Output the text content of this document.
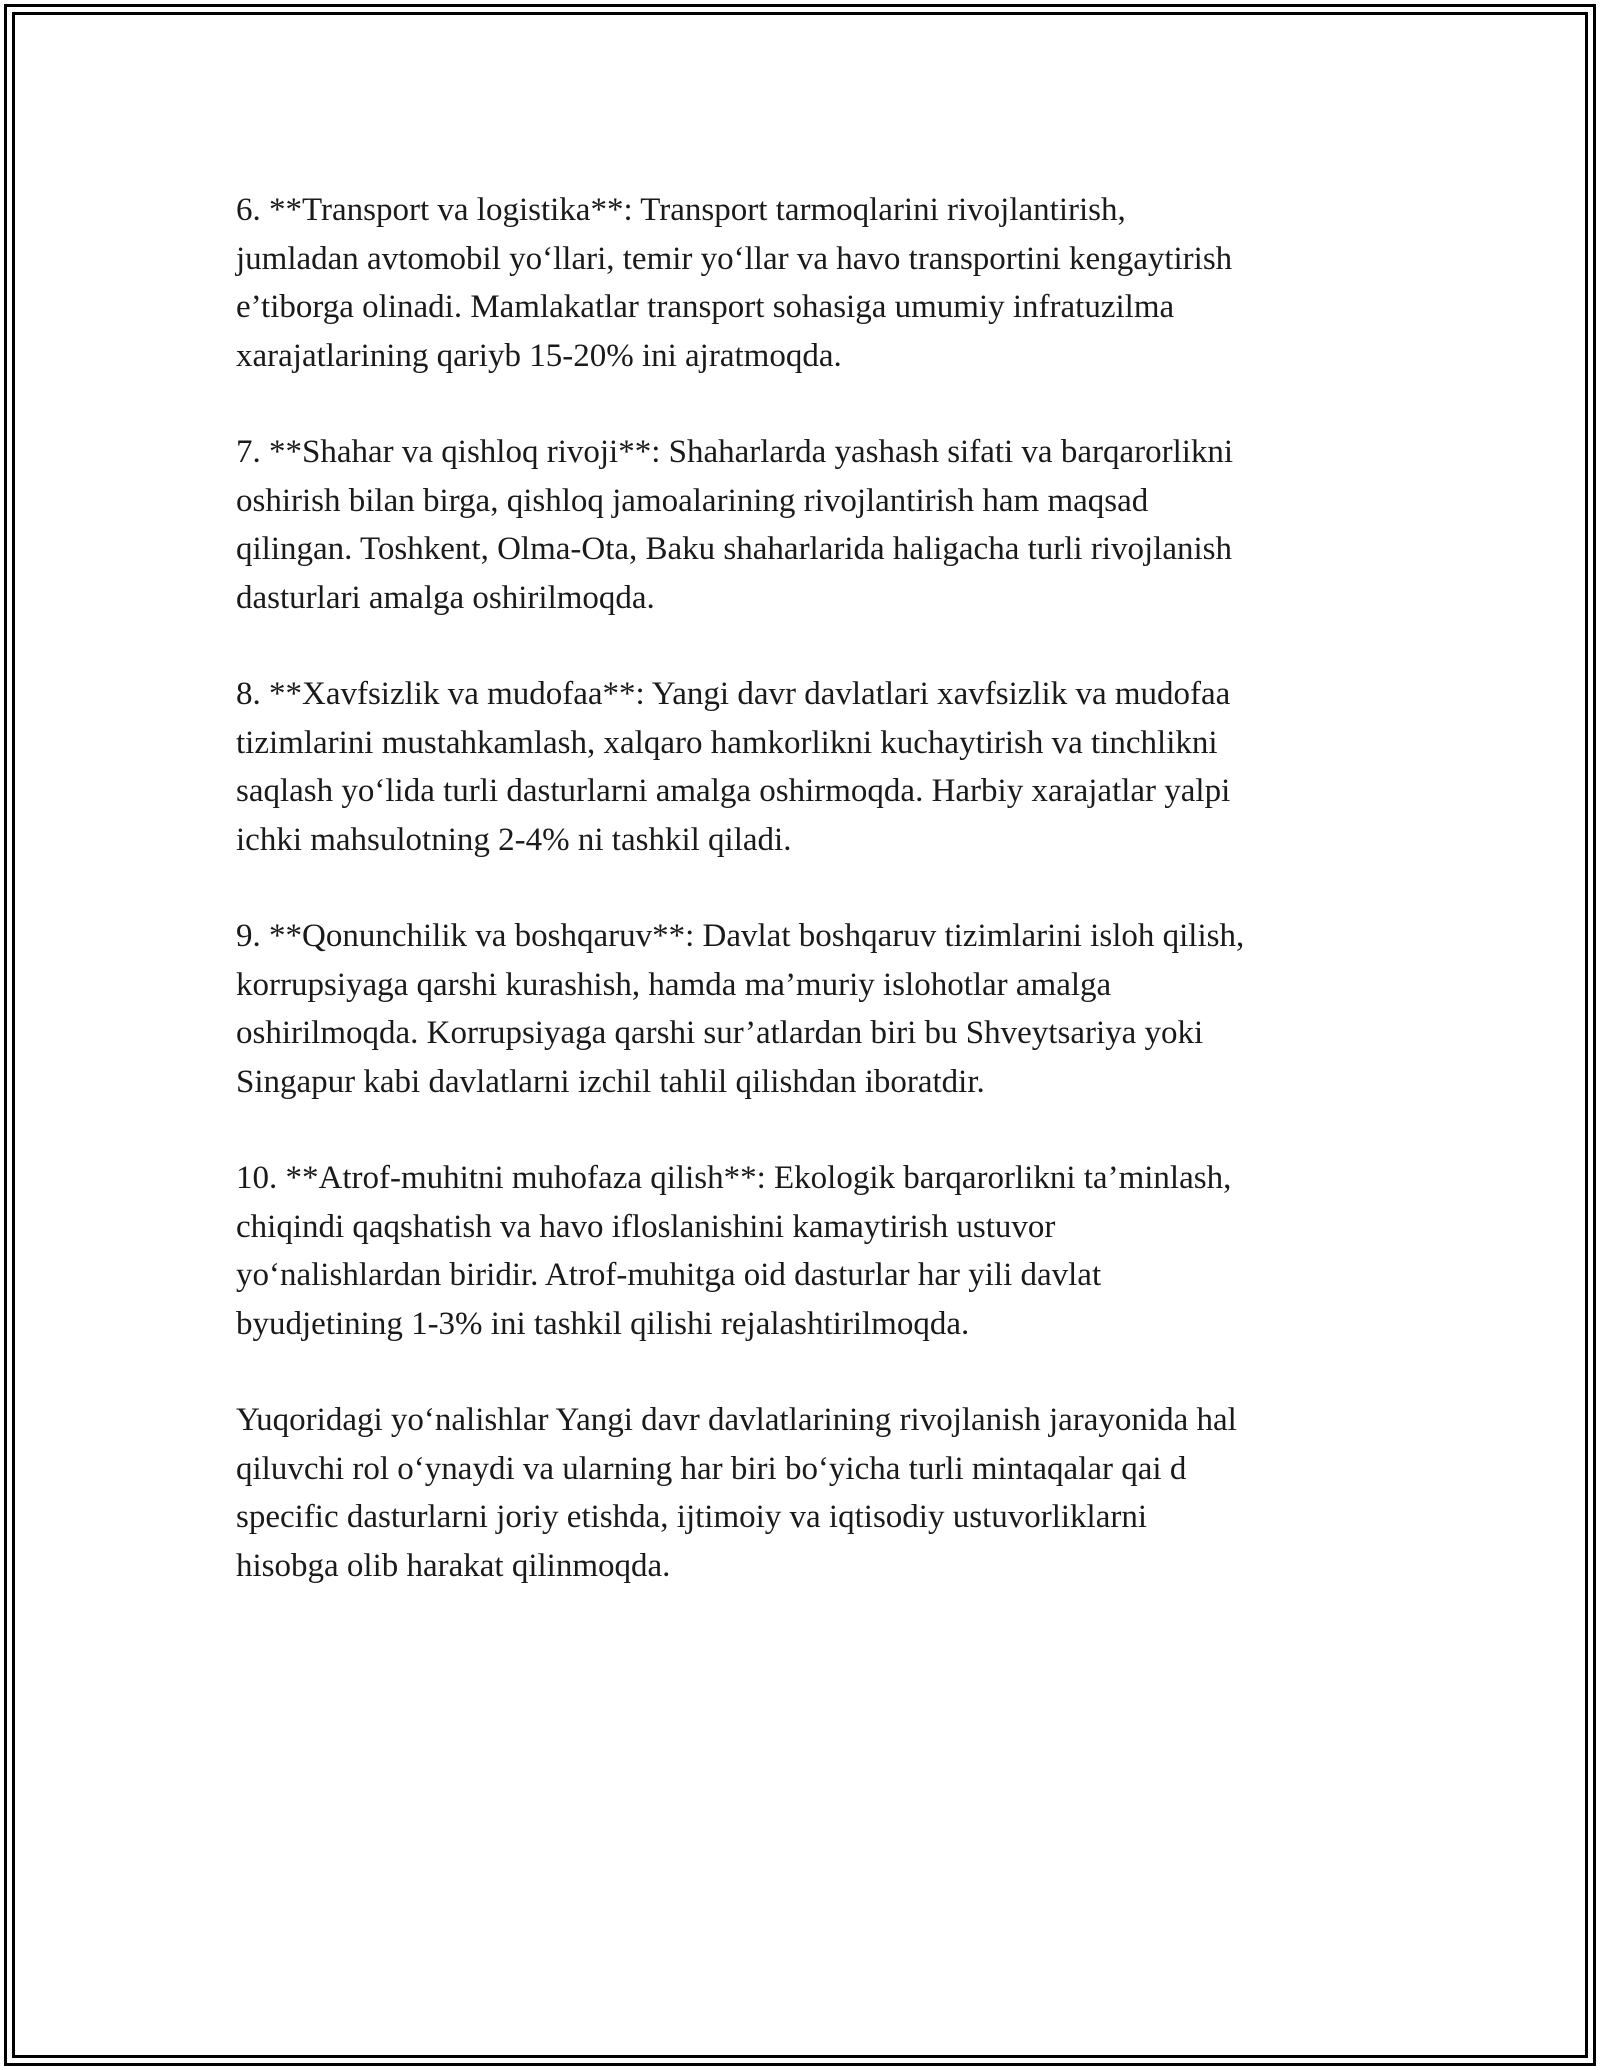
6. **Transport va logistika**: Transport tarmoqlarini rivojlantirish,
jumladan avtomobil yo‘llari, temir yo‘llar va havo transportini kengaytirish
e’tiborga olinadi. Mamlakatlar transport sohasiga umumiy infratuzilma
xarajatlarining qariyb 15-20% ini ajratmoqda.

7. **Shahar va qishloq rivoji**: Shaharlarda yashash sifati va barqarorlikni
oshirish bilan birga, qishloq jamoalarining rivojlantirish ham maqsad
qilingan. Toshkent, Olma-Ota, Baku shaharlarida haligacha turli rivojlanish
dasturlari amalga oshirilmoqda.

8. **Xavfsizlik va mudofaa**: Yangi davr davlatlari xavfsizlik va mudofaa
tizimlarini mustahkamlash, xalqaro hamkorlikni kuchaytirish va tinchlikni
saqlash yo‘lida turli dasturlarni amalga oshirmoqda. Harbiy xarajatlar yalpi
ichki mahsulotning 2-4% ni tashkil qiladi.

9. **Qonunchilik va boshqaruv**: Davlat boshqaruv tizimlarini isloh qilish,
korrupsiyaga qarshi kurashish, hamda ma’muriy islohotlar amalga
oshirilmoqda. Korrupsiyaga qarshi sur’atlardan biri bu Shveytsariya yoki
Singapur kabi davlatlarni izchil tahlil qilishdan iboratdir.

10. **Atrof-muhitni muhofaza qilish**: Ekologik barqarorlikni ta’minlash,
chiqindi qaqshatish va havo ifloslanishini kamaytirish ustuvor
yo‘nalishlardan biridir. Atrof-muhitga oid dasturlar har yili davlat
byudjetining 1-3% ini tashkil qilishi rejalashtirilmoqda.

Yuqoridagi yo‘nalishlar Yangi davr davlatlarining rivojlanish jarayonida hal
qiluvchi rol o‘ynaydi va ularning har biri bo‘yicha turli mintaqalar qai d
specific dasturlarni joriy etishda, ijtimoiy va iqtisodiy ustuvorliklarni
hisobga olib harakat qilinmoqda.
